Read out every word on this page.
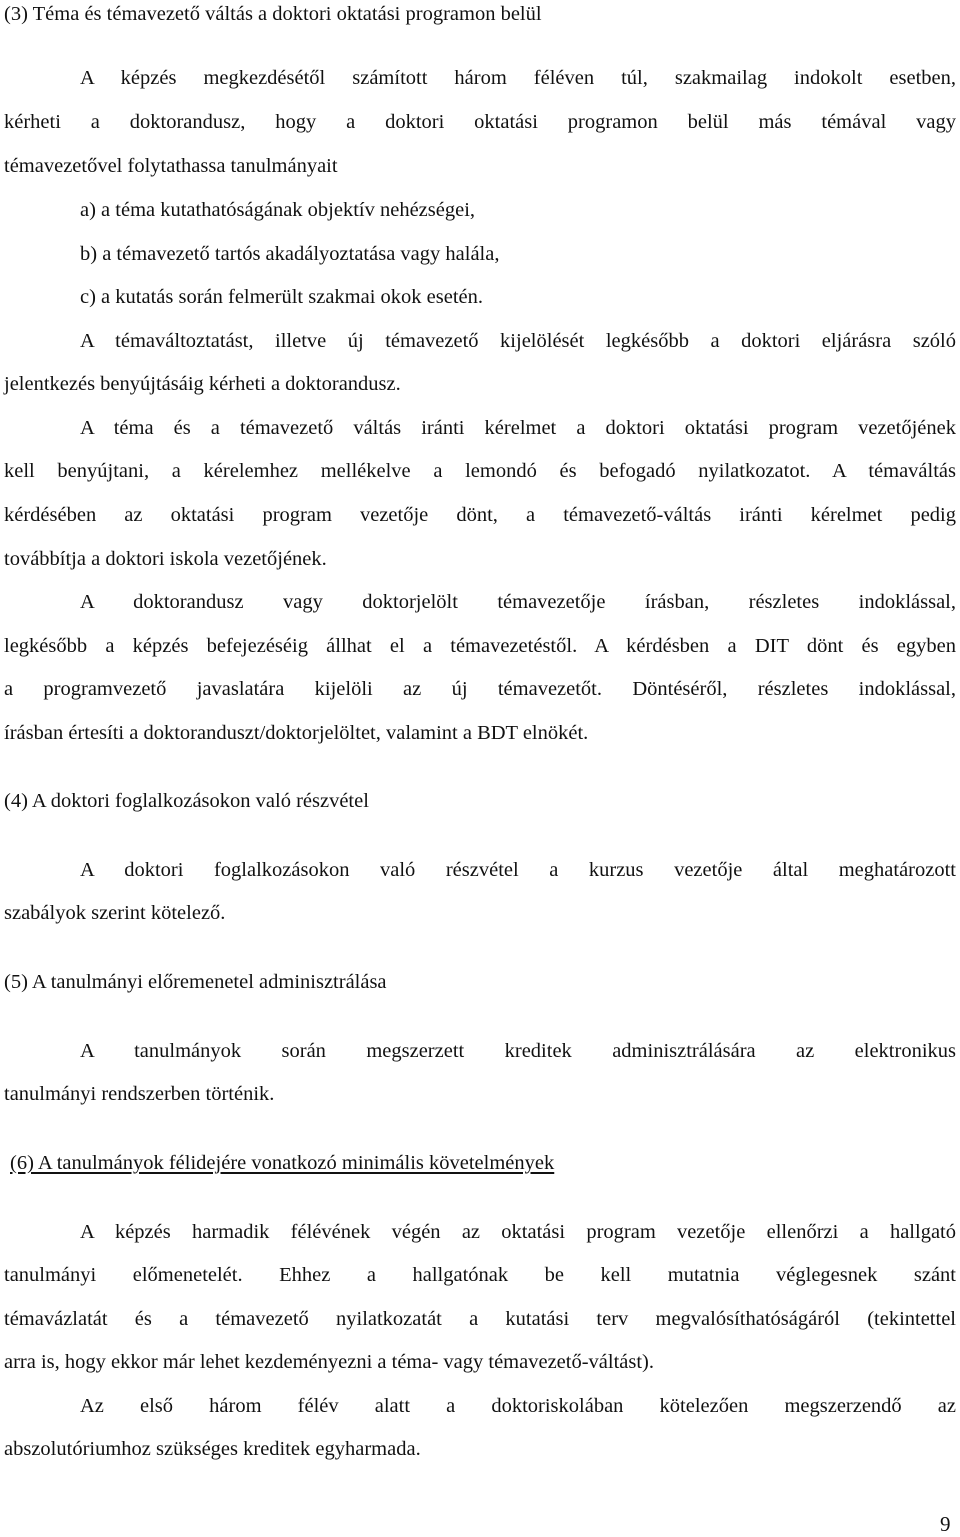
(3) Téma és témavezető váltás a doktori oktatási programon belül
A képzés megkezdésétől számított három féléven túl, szakmailag indokolt esetben,
kérheti a doktorandusz, hogy a doktori oktatási programon belül más témával vagy
témavezetővel folytathassa tanulmányait
a) a téma kutathatóságának objektív nehézségei,
b) a témavezető tartós akadályoztatása vagy halála,
c) a kutatás során felmerült szakmai okok esetén.
A témaváltoztatást, illetve új témavezető kijelölését legkésőbb a doktori eljárásra szóló
jelentkezés benyújtásáig kérheti a doktorandusz.
A téma és a témavezető váltás iránti kérelmet a doktori oktatási program vezetőjének
kell benyújtani, a kérelemhez mellékelve a lemondó és befogadó nyilatkozatot. A témaváltás
kérdésében az oktatási program vezetője dönt, a témavezető-váltás iránti kérelmet pedig
továbbítja a doktori iskola vezetőjének.
A doktorandusz vagy doktorjelölt témavezetője írásban, részletes indoklással,
legkésőbb a képzés befejezéséig állhat el a témavezetéstől. A kérdésben a DIT dönt és egyben
a programvezető javaslatára kijelöli az új témavezetőt. Döntéséről, részletes indoklással,
írásban értesíti a doktoranduszt/doktorjelöltet, valamint a BDT elnökét.
(4) A doktori foglalkozásokon való részvétel
A doktori foglalkozásokon való részvétel a kurzus vezetője által meghatározott
szabályok szerint kötelező.
(5) A tanulmányi előremenetel adminisztrálása
A tanulmányok során megszerzett kreditek adminisztrálására az elektronikus
tanulmányi rendszerben történik.
(6) A tanulmányok félidejére vonatkozó minimális követelmények
A képzés harmadik félévének végén az oktatási program vezetője ellenőrzi a hallgató
tanulmányi előmenetelét. Ehhez a hallgatónak be kell mutatnia véglegesnek szánt
témavázlatát és a témavezető nyilatkozatát a kutatási terv megvalósíthatóságáról (tekintettel
arra is, hogy ekkor már lehet kezdeményezni a téma- vagy témavezető-váltást).
Az első három félév alatt a doktoriskolában kötelezően megszerzendő az
abszolutóriumhoz szükséges kreditek egyharmada.
9
